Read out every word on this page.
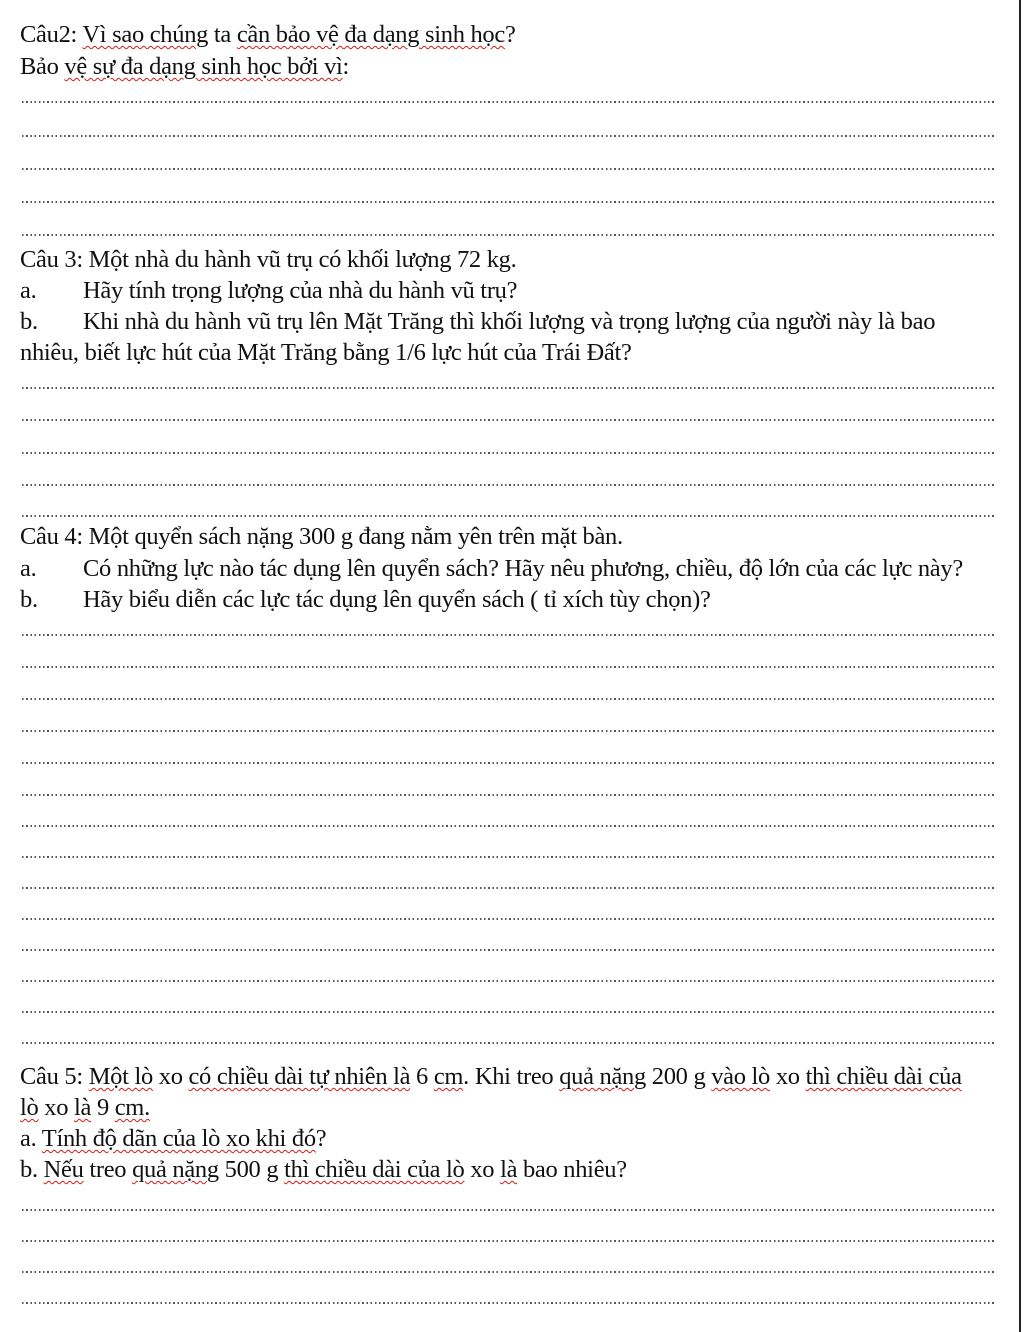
Câu2: Vì sao chúng ta cần bảo vệ đa dạng sinh học?
Bảo vệ sự đa dạng sinh học bởi vì:
Câu 3: Một nhà du hành vũ trụ có khối lượng 72 kg.
a. Hãy tính trọng lượng của nhà du hành vũ trụ?
b. Khi nhà du hành vũ trụ lên Mặt Trăng thì khối lượng và trọng lượng của người này là bao
nhiêu, biết lực hút của Mặt Trăng bằng 1/6 lực hút của Trái Đất?
Câu 4: Một quyển sách nặng 300 g đang nằm yên trên mặt bàn.
a. Có những lực nào tác dụng lên quyển sách? Hãy nêu phương, chiều, độ lớn của các lực này?
b. Hãy biểu diễn các lực tác dụng lên quyển sách ( tỉ xích tùy chọn)?
Câu 5: Một lò xo có chiều dài tự nhiên là 6 cm. Khi treo quả nặng 200 g vào lò xo thì chiều dài của
lò xo là 9 cm.
a. Tính độ dãn của lò xo khi đó?
b. Nếu treo quả nặng 500 g thì chiều dài của lò xo là bao nhiêu?
